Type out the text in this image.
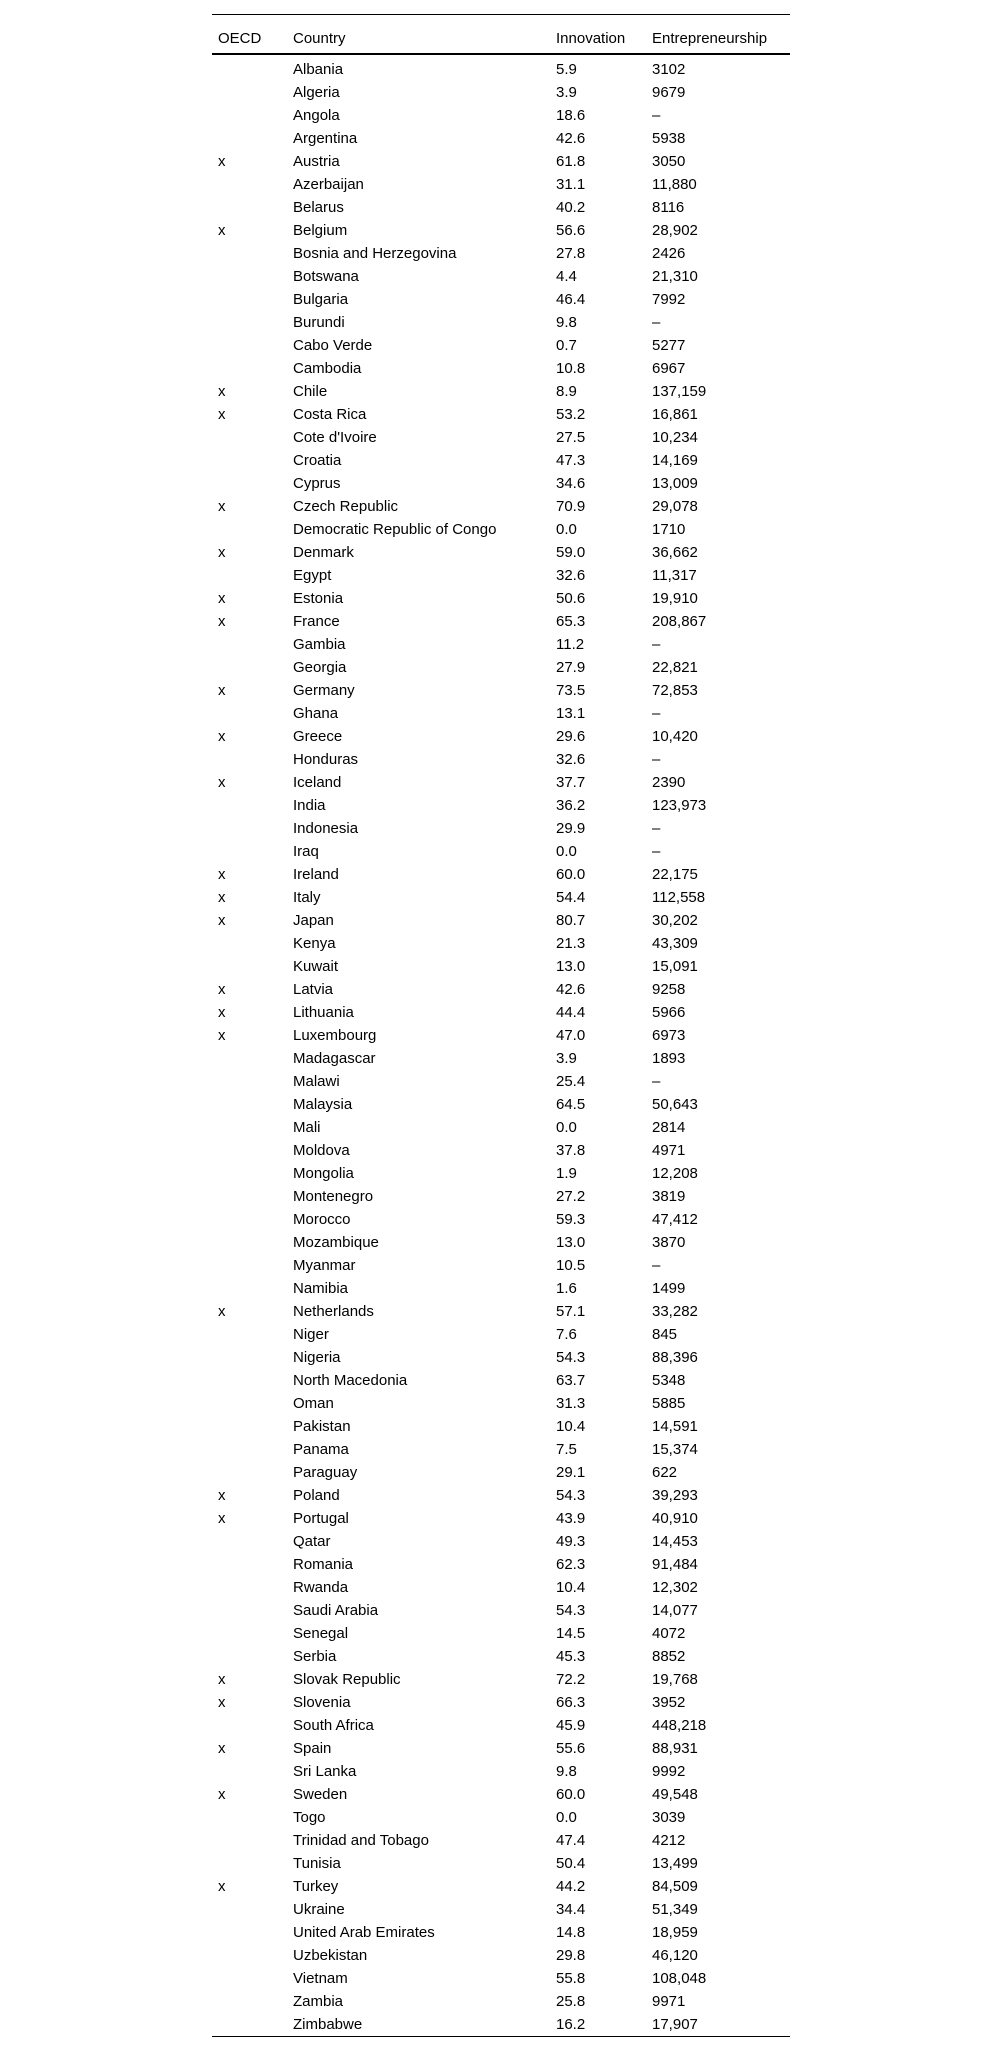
OECD	Country	Innovation	Entrepreneurship
	Albania	5.9	3102
	Algeria	3.9	9679
	Angola	18.6	–
	Argentina	42.6	5938
x	Austria	61.8	3050
	Azerbaijan	31.1	11,880
	Belarus	40.2	8116
x	Belgium	56.6	28,902
	Bosnia and Herzegovina	27.8	2426
	Botswana	4.4	21,310
	Bulgaria	46.4	7992
	Burundi	9.8	–
	Cabo Verde	0.7	5277
	Cambodia	10.8	6967
x	Chile	8.9	137,159
x	Costa Rica	53.2	16,861
	Cote d'Ivoire	27.5	10,234
	Croatia	47.3	14,169
	Cyprus	34.6	13,009
x	Czech Republic	70.9	29,078
	Democratic Republic of Congo	0.0	1710
x	Denmark	59.0	36,662
	Egypt	32.6	11,317
x	Estonia	50.6	19,910
x	France	65.3	208,867
	Gambia	11.2	–
	Georgia	27.9	22,821
x	Germany	73.5	72,853
	Ghana	13.1	–
x	Greece	29.6	10,420
	Honduras	32.6	–
x	Iceland	37.7	2390
	India	36.2	123,973
	Indonesia	29.9	–
	Iraq	0.0	–
x	Ireland	60.0	22,175
x	Italy	54.4	112,558
x	Japan	80.7	30,202
	Kenya	21.3	43,309
	Kuwait	13.0	15,091
x	Latvia	42.6	9258
x	Lithuania	44.4	5966
x	Luxembourg	47.0	6973
	Madagascar	3.9	1893
	Malawi	25.4	–
	Malaysia	64.5	50,643
	Mali	0.0	2814
	Moldova	37.8	4971
	Mongolia	1.9	12,208
	Montenegro	27.2	3819
	Morocco	59.3	47,412
	Mozambique	13.0	3870
	Myanmar	10.5	–
	Namibia	1.6	1499
x	Netherlands	57.1	33,282
	Niger	7.6	845
	Nigeria	54.3	88,396
	North Macedonia	63.7	5348
	Oman	31.3	5885
	Pakistan	10.4	14,591
	Panama	7.5	15,374
	Paraguay	29.1	622
x	Poland	54.3	39,293
x	Portugal	43.9	40,910
	Qatar	49.3	14,453
	Romania	62.3	91,484
	Rwanda	10.4	12,302
	Saudi Arabia	54.3	14,077
	Senegal	14.5	4072
	Serbia	45.3	8852
x	Slovak Republic	72.2	19,768
x	Slovenia	66.3	3952
	South Africa	45.9	448,218
x	Spain	55.6	88,931
	Sri Lanka	9.8	9992
x	Sweden	60.0	49,548
	Togo	0.0	3039
	Trinidad and Tobago	47.4	4212
	Tunisia	50.4	13,499
x	Turkey	44.2	84,509
	Ukraine	34.4	51,349
	United Arab Emirates	14.8	18,959
	Uzbekistan	29.8	46,120
	Vietnam	55.8	108,048
	Zambia	25.8	9971
	Zimbabwe	16.2	17,907
